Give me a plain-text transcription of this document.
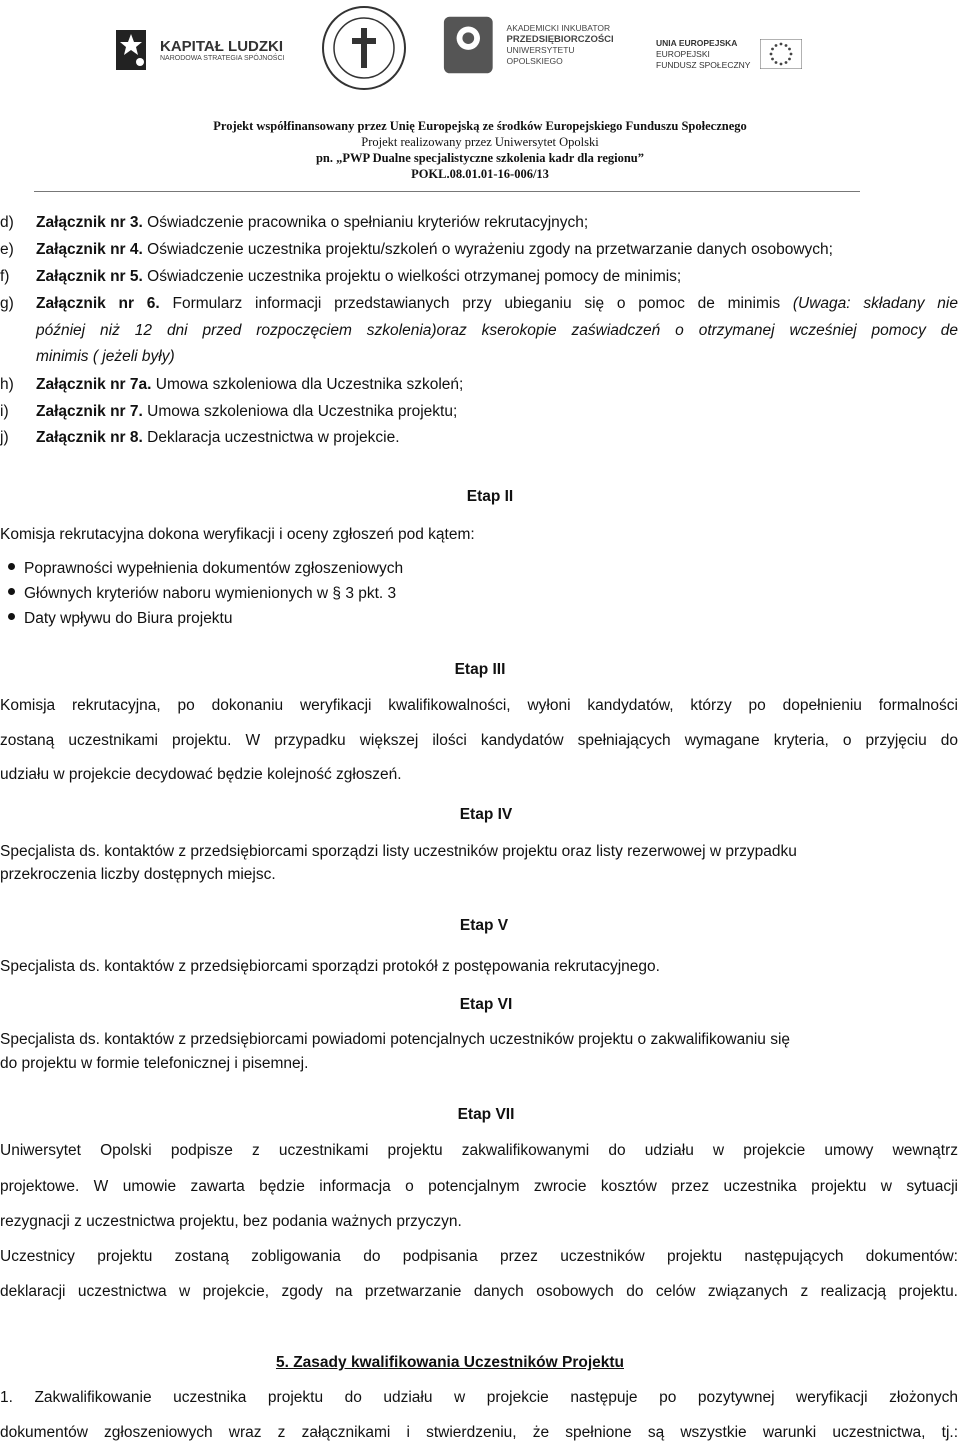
KAPITAŁ LUDZKI
NARODOWA STRATEGIA SPÓJNOŚCI
AKADEMICKI INKUBATOR
PRZEDSIĘBIORCZOŚCI
UNIWERSYTETU OPOLSKIEGO
UNIA EUROPEJSKA
EUROPEJSKI
FUNDUSZ SPOŁECZNY
Projekt współfinansowany przez Unię Europejską ze środków Europejskiego Funduszu Społecznego
Projekt realizowany przez Uniwersytet Opolski
pn. „PWP Dualne specjalistyczne szkolenia kadr dla regionu”
POKL.08.01.01-16-006/13
d) Załącznik nr 3. Oświadczenie pracownika o spełnianiu kryteriów rekrutacyjnych;
e) Załącznik nr 4. Oświadczenie uczestnika projektu/szkoleń o wyrażeniu zgody na przetwarzanie danych osobowych;
f) Załącznik nr 5. Oświadczenie uczestnika projektu o wielkości otrzymanej pomocy de minimis;
g) Załącznik nr 6. Formularz informacji przedstawianych przy ubieganiu się o pomoc de minimis (Uwaga: składany nie
później niż 12 dni przed rozpoczęciem szkolenia)oraz kserokopie zaświadczeń o otrzymanej wcześniej pomocy de
minimis ( jeżeli były)
h) Załącznik nr 7a. Umowa szkoleniowa dla Uczestnika szkoleń;
i) Załącznik nr 7. Umowa szkoleniowa dla Uczestnika projektu;
j) Załącznik nr 8. Deklaracja uczestnictwa w projekcie.
Etap II
Komisja rekrutacyjna dokona weryfikacji i oceny zgłoszeń pod kątem:
Poprawności wypełnienia dokumentów zgłoszeniowych
Głównych kryteriów naboru wymienionych w § 3 pkt. 3
Daty wpływu do Biura projektu
Etap III
Komisja rekrutacyjna, po dokonaniu weryfikacji kwalifikowalności, wyłoni kandydatów, którzy po dopełnieniu formalności
zostaną uczestnikami projektu. W przypadku większej ilości kandydatów spełniających wymagane kryteria, o przyjęciu do
udziału w projekcie decydować będzie kolejność zgłoszeń.
Etap IV
Specjalista ds. kontaktów z przedsiębiorcami sporządzi listy uczestników projektu oraz listy rezerwowej w przypadku
przekroczenia liczby dostępnych miejsc.
Etap V
Specjalista ds. kontaktów z przedsiębiorcami sporządzi protokół z postępowania rekrutacyjnego.
Etap VI
Specjalista ds. kontaktów z przedsiębiorcami powiadomi potencjalnych uczestników projektu o zakwalifikowaniu się
do projektu w formie telefonicznej i pisemnej.
Etap VII
Uniwersytet Opolski podpisze z uczestnikami projektu zakwalifikowanymi do udziału w projekcie umowy wewnątrz
projektowe. W umowie zawarta będzie informacja o potencjalnym zwrocie kosztów przez uczestnika projektu w sytuacji
rezygnacji z uczestnictwa projektu, bez podania ważnych przyczyn.
Uczestnicy projektu zostaną zobligowania do podpisania przez uczestników projektu następujących dokumentów:
deklaracji uczestnictwa w projekcie, zgody na przetwarzanie danych osobowych do celów związanych z realizacją projektu.
5. Zasady kwalifikowania Uczestników Projektu
1. Zakwalifikowanie uczestnika projektu do udziału w projekcie następuje po pozytywnej weryfikacji złożonych
dokumentów zgłoszeniowych wraz z załącznikami i stwierdzeniu, że spełnione są wszystkie warunki uczestnictwa, tj.:
